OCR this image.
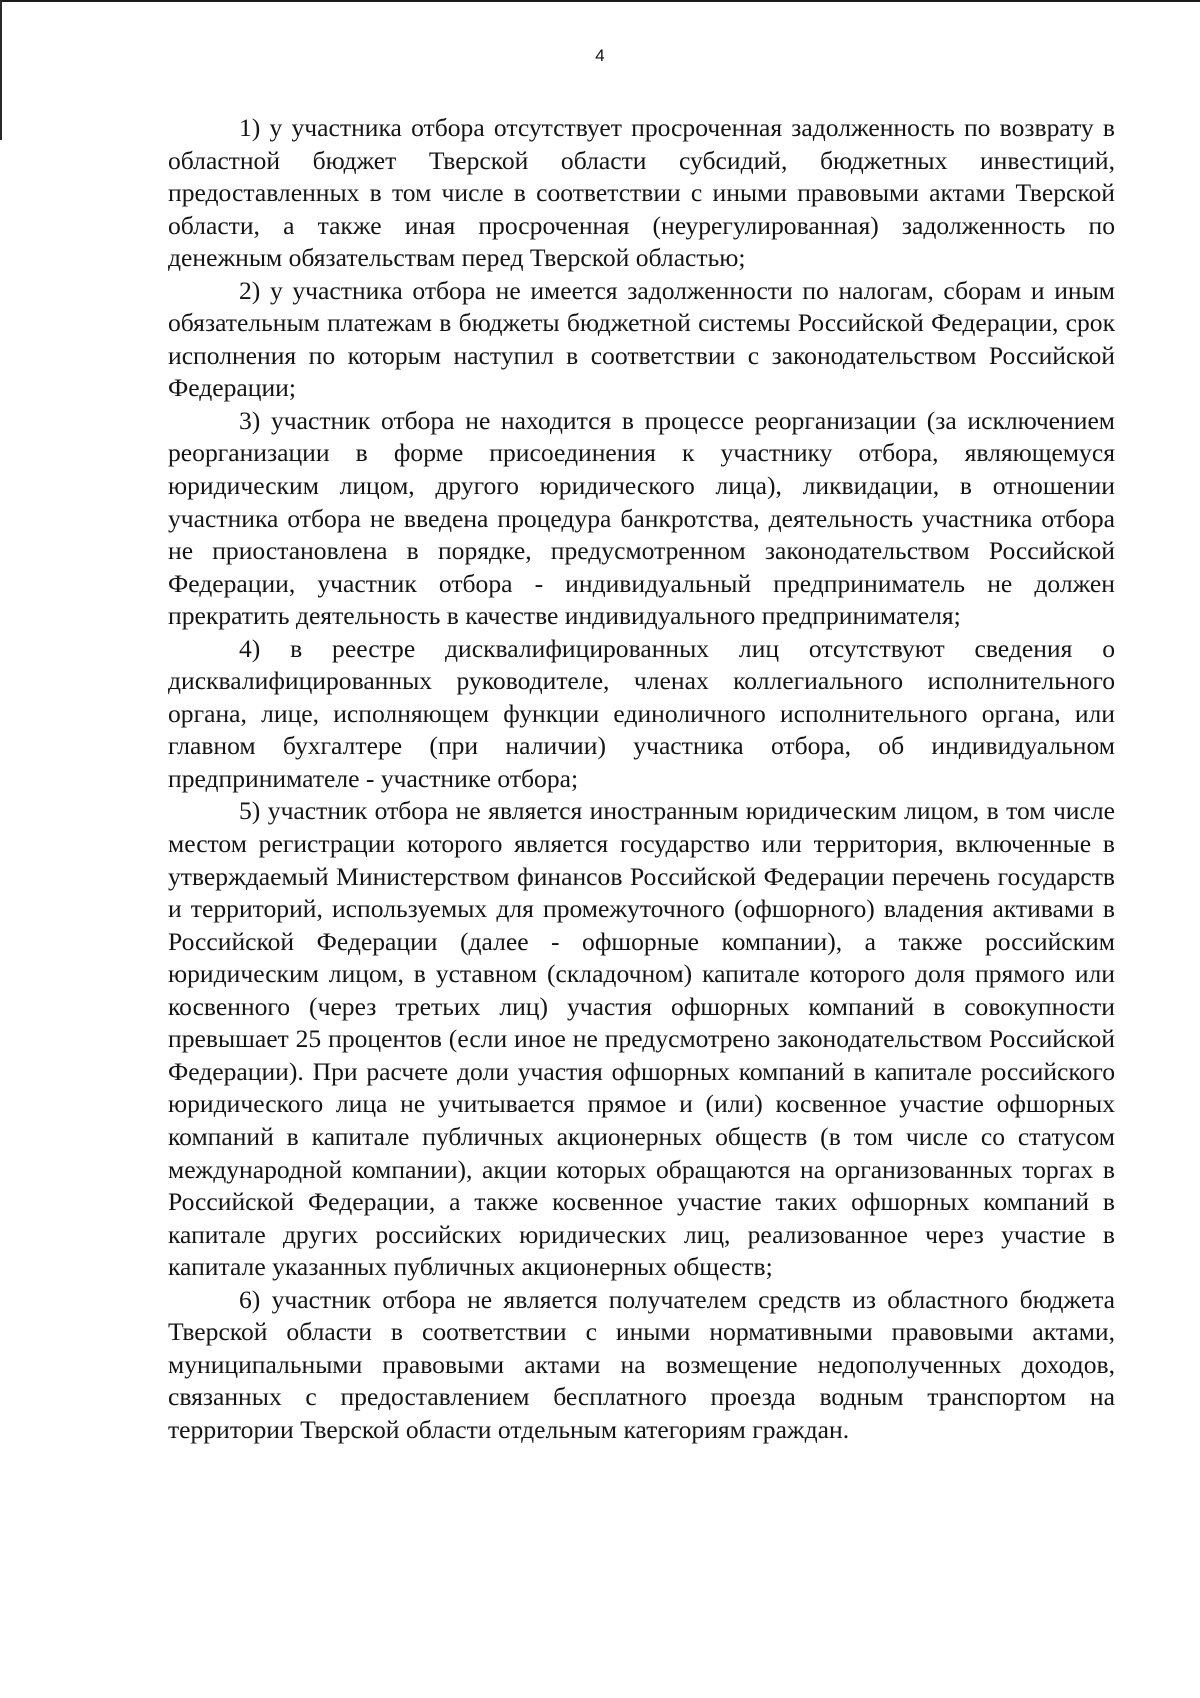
4

1) у участника отбора отсутствует просроченная задолженность по возврату в областной бюджет Тверской области субсидий, бюджетных инвестиций, предоставленных в том числе в соответствии с иными правовыми актами Тверской области, а также иная просроченная (неурегулированная) задолженность по денежным обязательствам перед Тверской областью;

2) у участника отбора не имеется задолженности по налогам, сборам и иным обязательным платежам в бюджеты бюджетной системы Российской Федерации, срок исполнения по которым наступил в соответствии с законодательством Российской Федерации;

3) участник отбора не находится в процессе реорганизации (за исключением реорганизации в форме присоединения к участнику отбора, являющемуся юридическим лицом, другого юридического лица), ликвидации, в отношении участника отбора не введена процедура банкротства, деятельность участника отбора не приостановлена в порядке, предусмотренном законодательством Российской Федерации, участник отбора - индивидуальный предприниматель не должен прекратить деятельность в качестве индивидуального предпринимателя;

4) в реестре дисквалифицированных лиц отсутствуют сведения о дисквалифицированных руководителе, членах коллегиального исполнительного органа, лице, исполняющем функции единоличного исполнительного органа, или главном бухгалтере (при наличии) участника отбора, об индивидуальном предпринимателе - участнике отбора;

5) участник отбора не является иностранным юридическим лицом, в том числе местом регистрации которого является государство или территория, включенные в утверждаемый Министерством финансов Российской Федерации перечень государств и территорий, используемых для промежуточного (офшорного) владения активами в Российской Федерации (далее - офшорные компании), а также российским юридическим лицом, в уставном (складочном) капитале которого доля прямого или косвенного (через третьих лиц) участия офшорных компаний в совокупности превышает 25 процентов (если иное не предусмотрено законодательством Российской Федерации). При расчете доли участия офшорных компаний в капитале российского юридического лица не учитывается прямое и (или) косвенное участие офшорных компаний в капитале публичных акционерных обществ (в том числе со статусом международной компании), акции которых обращаются на организованных торгах в Российской Федерации, а также косвенное участие таких офшорных компаний в капитале других российских юридических лиц, реализованное через участие в капитале указанных публичных акционерных обществ;

6) участник отбора не является получателем средств из областного бюджета Тверской области в соответствии с иными нормативными правовыми актами, муниципальными правовыми актами на возмещение недополученных доходов, связанных с предоставлением бесплатного проезда водным транспортом на территории Тверской области отдельным категориям граждан.
